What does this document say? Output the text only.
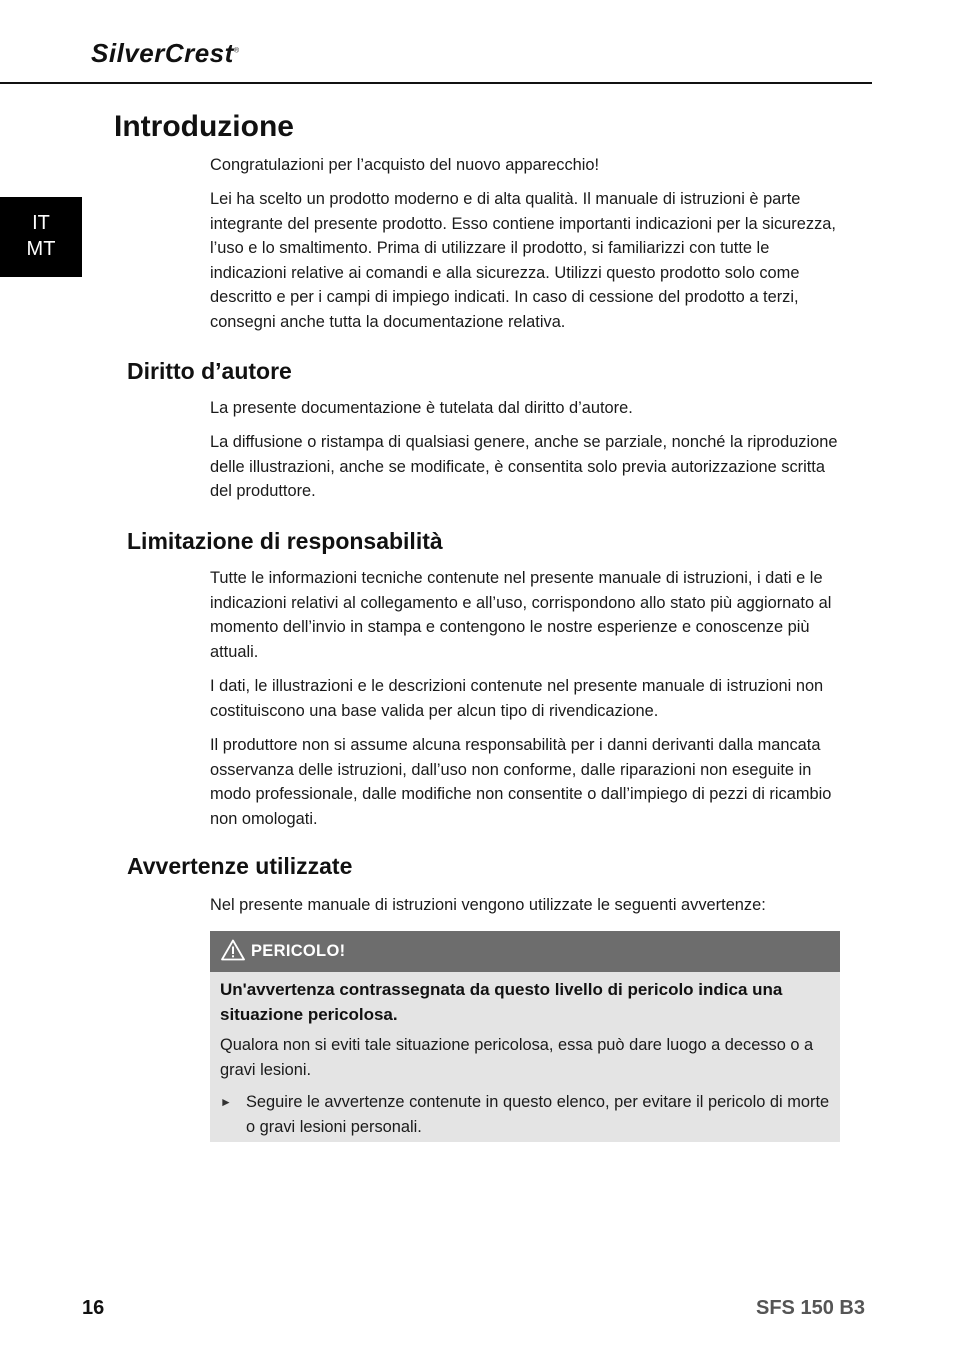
SilverCrest®
IT
MT
Introduzione

Congratulazioni per l’acquisto del nuovo apparecchio!

Lei ha scelto un prodotto moderno e di alta qualità. Il manuale di istruzioni è parte integrante del presente prodotto. Esso contiene importanti indicazioni per la sicurezza, l’uso e lo smaltimento. Prima di utilizzare il prodotto, si familiarizzi con tutte le indicazioni relative ai comandi e alla sicurezza. Utilizzi questo prodotto solo come descritto e per i campi di impiego indicati. In caso di cessione del prodotto a terzi, consegni anche tutta la documentazione relativa.

Diritto d’autore

La presente documentazione è tutelata dal diritto d’autore.

La diffusione o ristampa di qualsiasi genere, anche se parziale, nonché la riproduzione delle illustrazioni, anche se modificate, è consentita solo previa autorizzazione scritta del produttore.

Limitazione di responsabilità

Tutte le informazioni tecniche contenute nel presente manuale di istruzioni, i dati e le indicazioni relativi al collegamento e all’uso, corrispondono allo stato più aggiornato al momento dell’invio in stampa e contengono le nostre esperienze e conoscenze più attuali.

I dati, le illustrazioni e le descrizioni contenute nel presente manuale di istruzioni non costituiscono una base valida per alcun tipo di rivendicazione.

Il produttore non si assume alcuna responsabilità per i danni derivanti dalla mancata osservanza delle istruzioni, dall’uso non conforme, dalle riparazioni non eseguite in modo professionale, dalle modifiche non consentite o dall’impiego di pezzi di ricambio non omologati.

Avvertenze utilizzate

Nel presente manuale di istruzioni vengono utilizzate le seguenti avvertenze:

PERICOLO!

Un'avvertenza contrassegnata da questo livello di pericolo indica una situazione pericolosa.

Qualora non si eviti tale situazione pericolosa, essa può dare luogo a decesso o a gravi lesioni.

► Seguire le avvertenze contenute in questo elenco, per evitare il pericolo di morte o gravi lesioni personali.
16	SFS 150 B3
